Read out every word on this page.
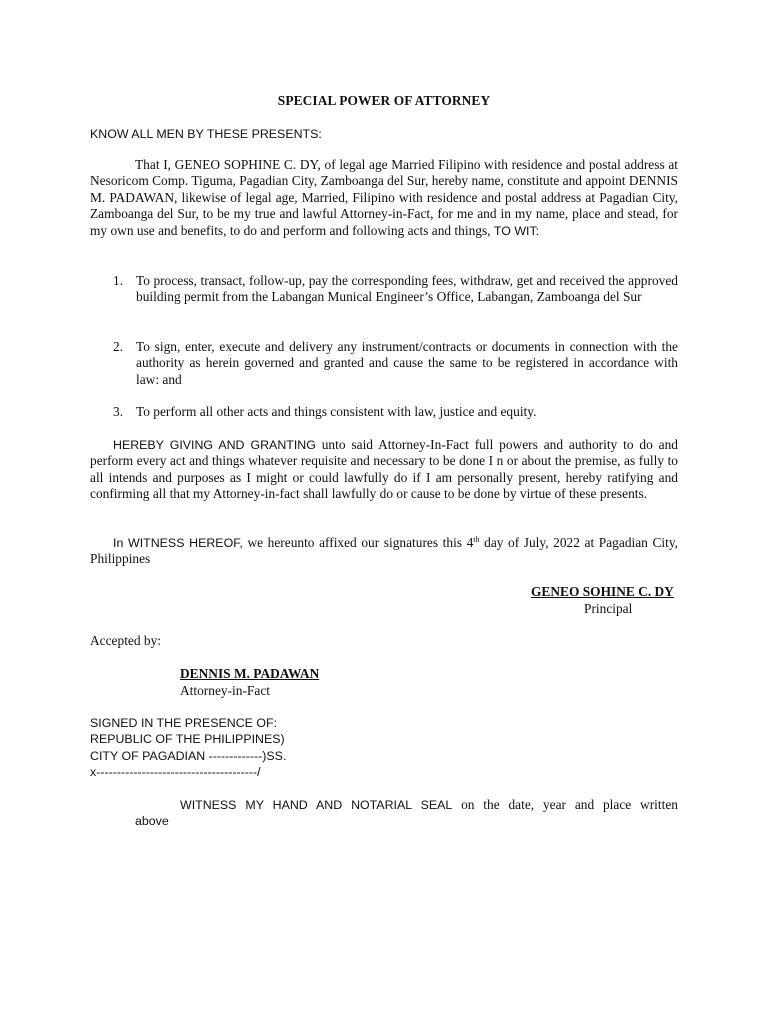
SPECIAL POWER OF ATTORNEY
KNOW ALL MEN BY THESE PRESENTS:
That I, GENEO SOPHINE C. DY, of legal age Married Filipino with residence and postal address at Nesoricom Comp. Tiguma, Pagadian City, Zamboanga del Sur, hereby name, constitute and appoint DENNIS M. PADAWAN, likewise of legal age, Married, Filipino with residence and postal address at Pagadian City, Zamboanga del Sur, to be my true and lawful Attorney-in-Fact, for me and in my name, place and stead, for my own use and benefits, to do and perform and following acts and things, TO WIT:
1. To process, transact, follow-up, pay the corresponding fees, withdraw, get and received the approved building permit from the Labangan Munical Engineer’s Office, Labangan, Zamboanga del Sur
2. To sign, enter, execute and delivery any instrument/contracts or documents in connection with the authority as herein governed and granted and cause the same to be registered in accordance with law: and
3. To perform all other acts and things consistent with law, justice and equity.
HEREBY GIVING AND GRANTING unto said Attorney-In-Fact full powers and authority to do and perform every act and things whatever requisite and necessary to be done I n or about the premise, as fully to all intends and purposes as I might or could lawfully do if I am personally present, hereby ratifying and confirming all that my Attorney-in-fact shall lawfully do or cause to be done by virtue of these presents.
In WITNESS HEREOF, we hereunto affixed our signatures this 4th day of July, 2022 at Pagadian City, Philippines
GENEO SOHINE C. DY
Principal
Accepted by:
DENNIS M. PADAWAN
Attorney-in-Fact
SIGNED IN THE PRESENCE OF:
REPUBLIC OF THE PHILIPPINES)
CITY OF PAGADIAN -------------)SS.
x---------------------------------------/
WITNESS MY HAND AND NOTARIAL SEAL on the date, year and place written
above
